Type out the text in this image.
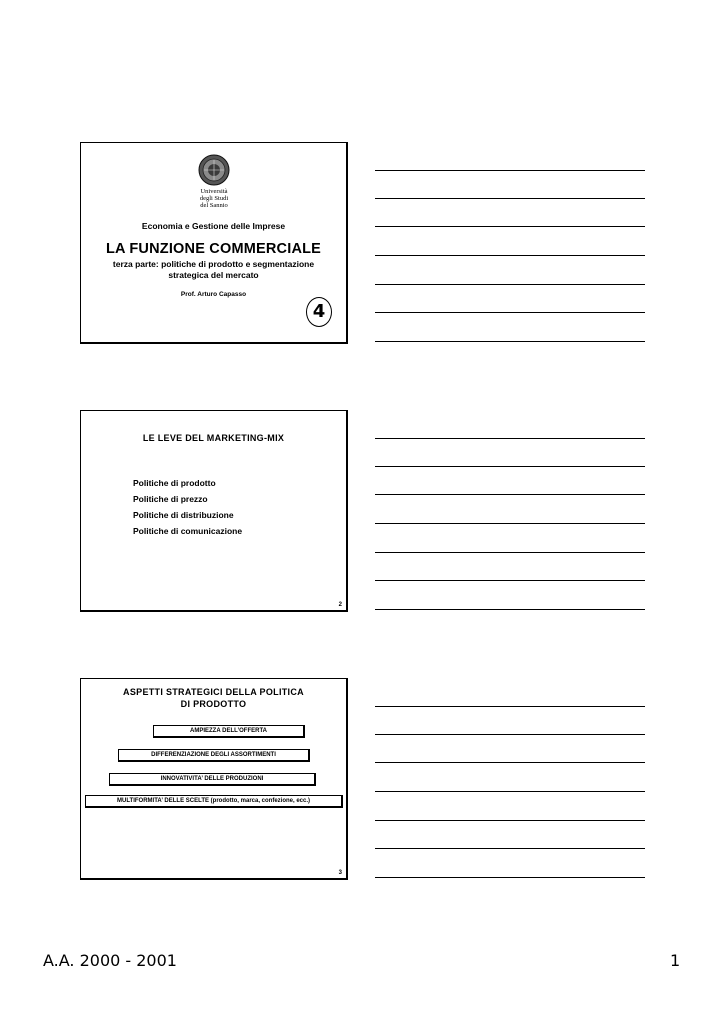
Università
degli Studi
del Sannio
Economia e Gestione delle Imprese
LA FUNZIONE COMMERCIALE
terza parte: politiche di prodotto e segmentazione
strategica del mercato
Prof. Arturo Capasso
4
LE LEVE DEL MARKETING-MIX
Politiche di prodotto
Politiche di prezzo
Politiche di distribuzione
Politiche di comunicazione
2
ASPETTI STRATEGICI DELLA POLITICA
DI PRODOTTO
AMPIEZZA DELL’OFFERTA
DIFFERENZIAZIONE DEGLI ASSORTIMENTI
INNOVATIVITA’ DELLE PRODUZIONI
MULTIFORMITA’ DELLE SCELTE (prodotto, marca, confezione, ecc.)
3
A.A. 2000 - 2001	1
